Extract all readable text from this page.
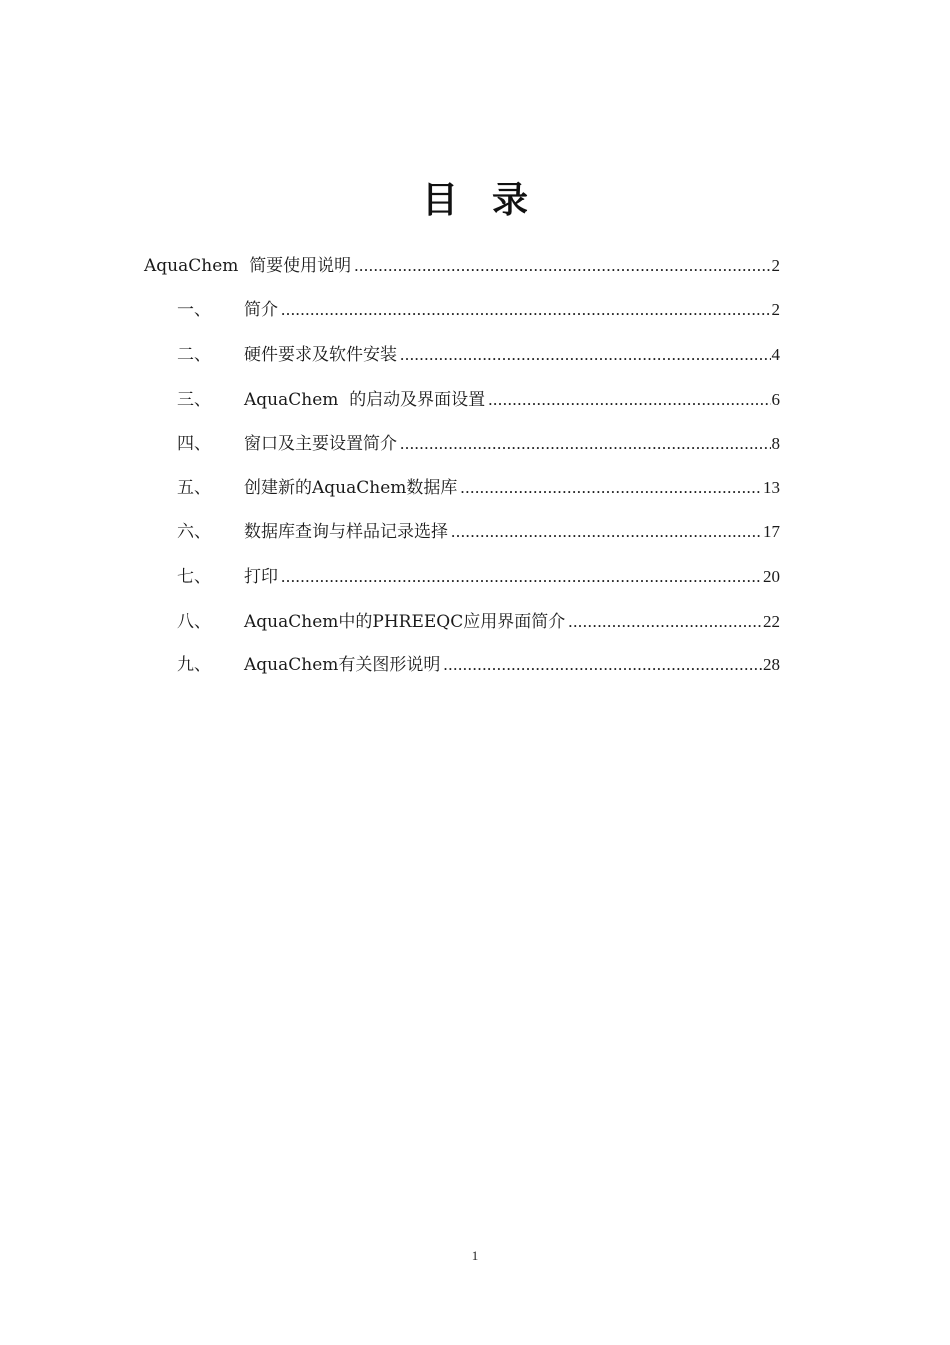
目 录
AquaChem  简要使用说明 .....	2
一、 简介 .....	2
二、 硬件要求及软件安装 .....	4
三、 AquaChem  的启动及界面设置 .....	6
四、 窗口及主要设置简介 .....	8
五、 创建新的AquaChem数据库 .....	13
六、 数据库查询与样品记录选择 .....	17
七、 打印 .....	20
八、 AquaChem中的PHREEQC应用界面简介 .....	22
九、 AquaChem有关图形说明 .....	28
1
